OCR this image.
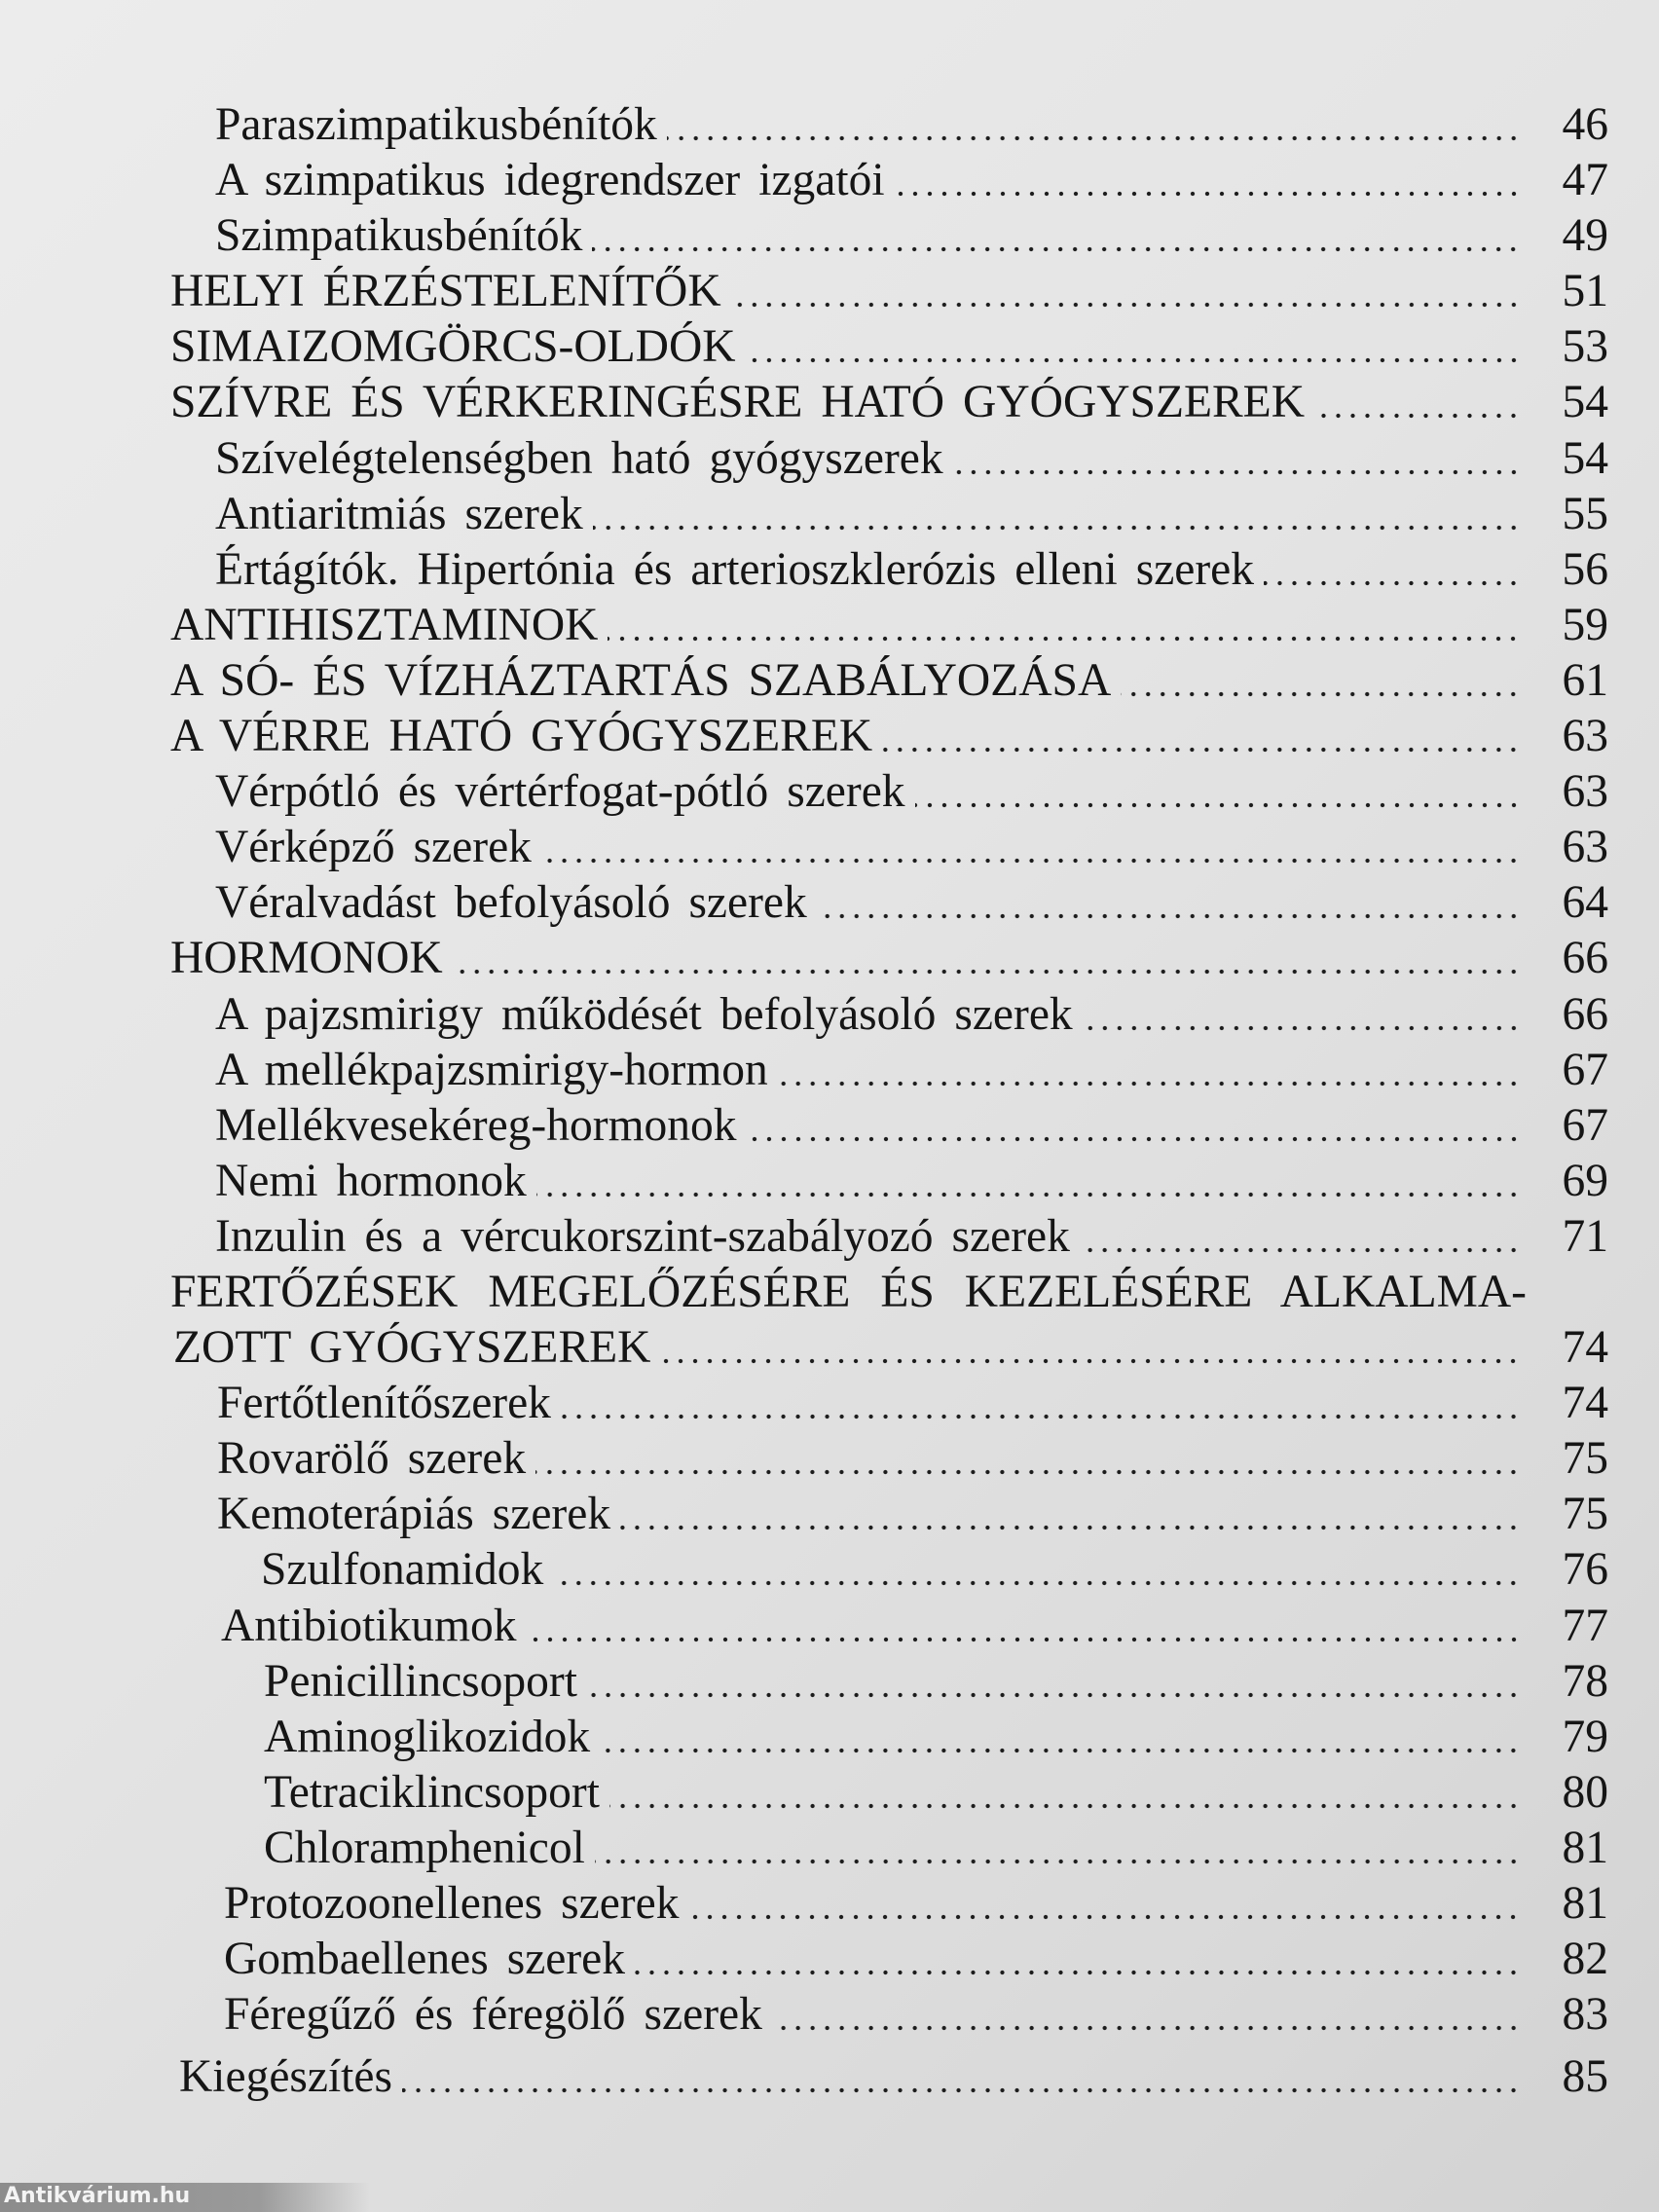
Paraszimpatikusbénítók	46
A szimpatikus idegrendszer izgatói	47
Szimpatikusbénítók	49
HELYI ÉRZÉSTELENÍTŐK	51
SIMAIZOMGÖRCS-OLDÓK	53
SZÍVRE ÉS VÉRKERINGÉSRE HATÓ GYÓGYSZEREK	54
Szívelégtelenségben ható gyógyszerek	54
Antiaritmiás szerek	55
Értágítók. Hipertónia és arterioszklerózis elleni szerek	56
ANTIHISZTAMINOK	59
A SÓ- ÉS VÍZHÁZTARTÁS SZABÁLYOZÁSA	61
A VÉRRE HATÓ GYÓGYSZEREK	63
Vérpótló és vértérfogat-pótló szerek	63
Vérképző szerek	63
Véralvadást befolyásoló szerek	64
HORMONOK	66
A pajzsmirigy működését befolyásoló szerek	66
A mellékpajzsmirigy-hormon	67
Mellékvesekéreg-hormonok	67
Nemi hormonok	69
Inzulin és a vércukorszint-szabályozó szerek	71
FERTŐZÉSEK MEGELŐZÉSÉRE ÉS KEZELÉSÉRE ALKALMA-
ZOTT GYÓGYSZEREK	74
Fertőtlenítőszerek	74
Rovarölő szerek	75
Kemoterápiás szerek	75
Szulfonamidok	76
Antibiotikumok	77
Penicillincsoport	78
Aminoglikozidok	79
Tetraciklincsoport	80
Chloramphenicol	81
Protozoonellenes szerek	81
Gombaellenes szerek	82
Féregűző és féregölő szerek	83
Kiegészítés	85
Antikvárium.hu
